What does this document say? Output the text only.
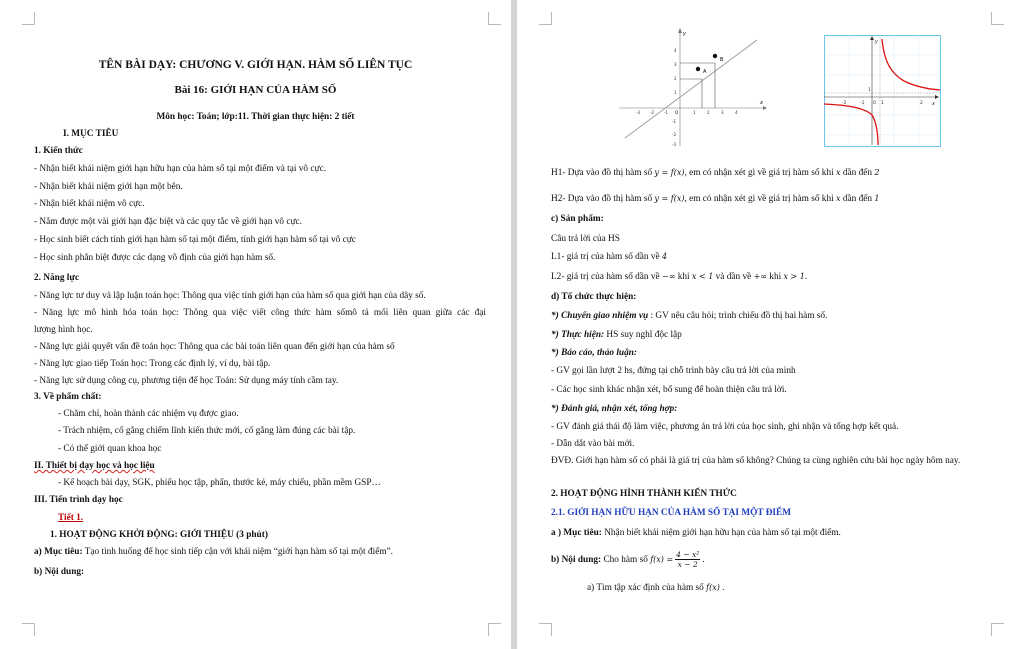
TÊN BÀI DẠY: CHƯƠNG V. GIỚI HẠN. HÀM SỐ LIÊN TỤC
Bài 16: GIỚI HẠN CỦA HÀM SỐ
Môn học: Toán; lớp:11. Thời gian thực hiện: 2 tiết
I. MỤC TIÊU
1. Kiến thức
- Nhận biết khái niệm giới hạn hữu hạn của hàm số tại một điểm và tại vô cực.
- Nhận biết khái niệm giới hạn một bên.
- Nhận biết khái niệm vô cực.
- Nắm được một vài giới hạn đặc biệt và các quy tắc về giới hạn vô cực.
- Học sinh biết cách tính giới hạn hàm số tại một điểm, tính giới hạn hàm số tại vô cực
- Học sinh phân biệt được các dạng vô định của giới hạn hàm số.
2. Năng lực
- Năng lực tư duy và lập luận toán học: Thông qua việc tính giới hạn của hàm số qua giới hạn của dãy số.
- Năng lực mô hình hóa toán học: Thông qua việc viết công thức hàm sốmô tả mối liên quan giữa các đại
lượng hình học.
- Năng lực giải quyết vấn đề toán học: Thông qua các bài toán liên quan đến giới hạn của hàm số
- Năng lực giao tiếp Toán học: Trong các định lý, ví dụ, bài tập.
- Năng lực sử dụng công cụ, phương tiện để học Toán: Sử dụng máy tính cầm tay.
3. Về phẩm chất:
- Chăm chỉ, hoàn thành các nhiệm vụ được giao.
- Trách nhiệm, cố gắng chiếm lĩnh kiến thức mới, cố gắng làm đúng các bài tập.
- Có thể giới quan khoa học
II. Thiết bị dạy học và học liệu
- Kế hoạch bài dạy, SGK, phiếu học tập, phấn, thước kẻ, máy chiếu, phần mềm GSP…
III. Tiến trình dạy học
Tiết 1.
1. HOẠT ĐỘNG KHỞI ĐỘNG: GIỚI THIỆU (3 phút)
a) Mục tiêu: Tạo tình huống để học sinh tiếp cận với khái niệm “giới hạn hàm số tại một điểm”.
b) Nội dung:
A
B
x
y
O
-3	-2	-1	1	2	3	4
4
3
2
1
-1
-2
-3
x
y
-2	-1 0 1	2
1
H1- Dựa vào đồ thị hàm số y = f(x), em có nhận xét gì về giá trị hàm số khi x dần đến 2
H2- Dựa vào đồ thị hàm số y = f(x), em có nhận xét gì về giá trị hàm số khi x dần đến 1
c) Sản phẩm:
Câu trả lời của HS
L1- giá trị của hàm số dần về 4
L2- giá trị của hàm số dần về −∞ khi x < 1 và dần về +∞ khi x > 1.
d) Tổ chức thực hiện:
*) Chuyển giao nhiệm vụ : GV nêu câu hỏi; trình chiếu đồ thị hai hàm số.
*) Thực hiện: HS suy nghĩ độc lập
*) Báo cáo, thảo luận:
- GV gọi lần lượt 2 hs, đứng tại chỗ trình bày câu trả lời của mình
- Các học sinh khác nhận xét, bổ sung để hoàn thiện câu trả lời.
*) Đánh giá, nhận xét, tổng hợp:
- GV đánh giá thái độ làm việc, phương án trả lời của học sinh, ghi nhận và tổng hợp kết quả.
- Dẫn dắt vào bài mới.
ĐVĐ. Giới hạn hàm số có phải là giá trị của hàm số không? Chúng ta cùng nghiên cứu bài học ngày hôm nay.
2. HOẠT ĐỘNG HÌNH THÀNH KIẾN THỨC
2.1. GIỚI HẠN HỮU HẠN CỦA HÀM SỐ TẠI MỘT ĐIỂM
a ) Mục tiêu: Nhận biết khái niệm giới hạn hữu hạn của hàm số tại một điểm.
b) Nội dung: Cho hàm số $f(x) = \frac{\text{4 − x²}}{x - 2}$ .
a) Tìm tập xác định của hàm số f(x) .
